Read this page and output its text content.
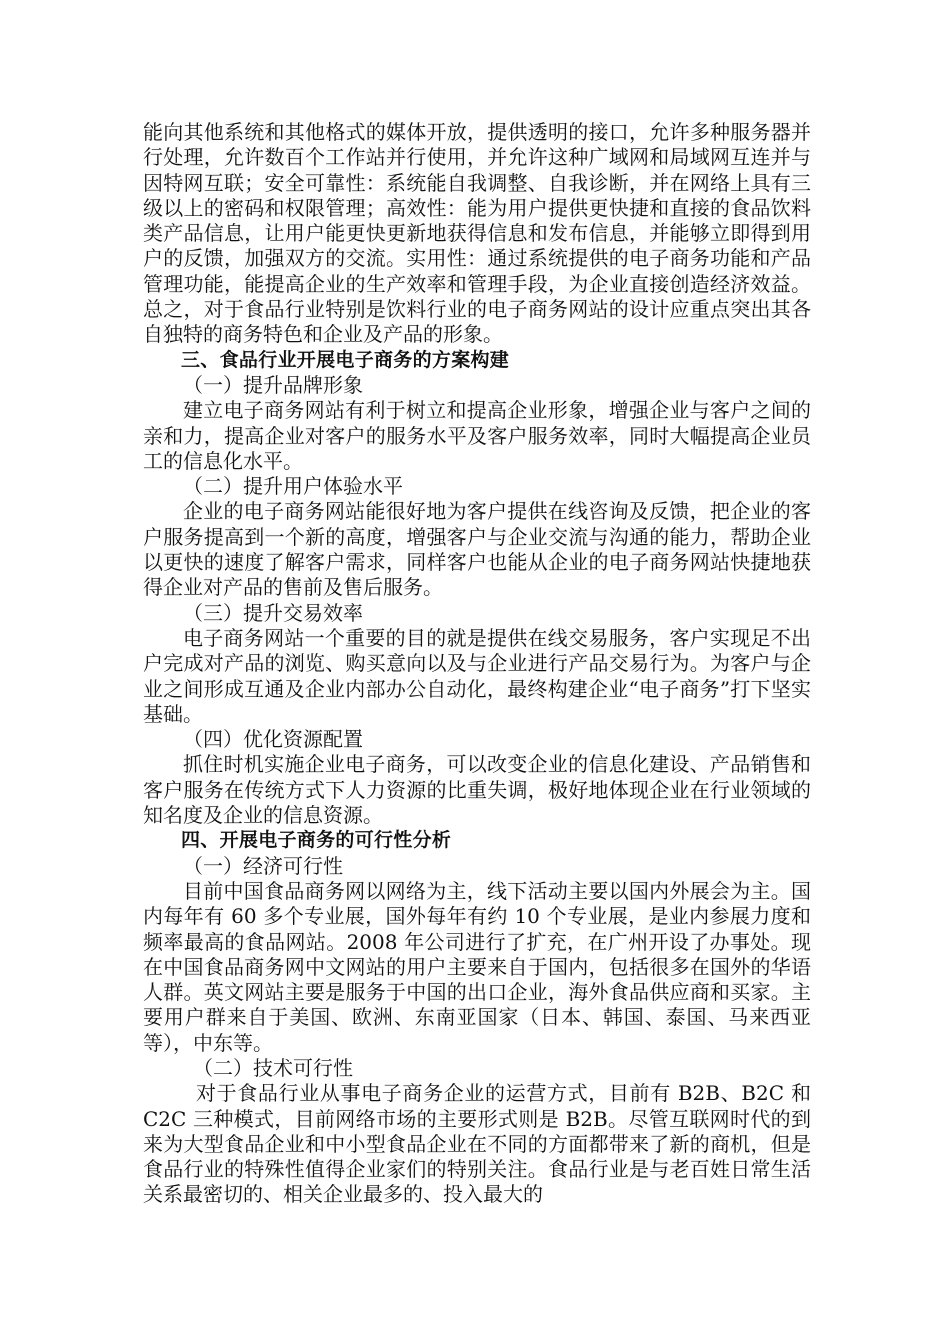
能向其他系统和其他格式的媒体开放，提供透明的接口，允许多种服务器并行处理，允许数百个工作站并行使用，并允许这种广域网和局域网互连并与因特网互联；安全可靠性：系统能自我调整、自我诊断，并在网络上具有三级以上的密码和权限管理；高效性：能为用户提供更快捷和直接的食品饮料类产品信息，让用户能更快更新地获得信息和发布信息，并能够立即得到用户的反馈，加强双方的交流。实用性：通过系统提供的电子商务功能和产品管理功能，能提高企业的生产效率和管理手段，为企业直接创造经济效益。总之，对于食品行业特别是饮料行业的电子商务网站的设计应重点突出其各自独特的商务特色和企业及产品的形象。

三、食品行业开展电子商务的方案构建

（一）提升品牌形象

建立电子商务网站有利于树立和提高企业形象，增强企业与客户之间的亲和力，提高企业对客户的服务水平及客户服务效率，同时大幅提高企业员工的信息化水平。

（二）提升用户体验水平

企业的电子商务网站能很好地为客户提供在线咨询及反馈，把企业的客户服务提高到一个新的高度，增强客户与企业交流与沟通的能力，帮助企业以更快的速度了解客户需求，同样客户也能从企业的电子商务网站快捷地获得企业对产品的售前及售后服务。

（三）提升交易效率

电子商务网站一个重要的目的就是提供在线交易服务，客户实现足不出户完成对产品的浏览、购买意向以及与企业进行产品交易行为。为客户与企业之间形成互通及企业内部办公自动化，最终构建企业“电子商务”打下坚实基础。

（四）优化资源配置

抓住时机实施企业电子商务，可以改变企业的信息化建设、产品销售和客户服务在传统方式下人力资源的比重失调，极好地体现企业在行业领域的知名度及企业的信息资源。

四、开展电子商务的可行性分析

（一）经济可行性

目前中国食品商务网以网络为主，线下活动主要以国内外展会为主。国内每年有 60 多个专业展，国外每年有约 10 个专业展，是业内参展力度和频率最高的食品网站。2008 年公司进行了扩充，在广州开设了办事处。现在中国食品商务网中文网站的用户主要来自于国内，包括很多在国外的华语人群。英文网站主要是服务于中国的出口企业，海外食品供应商和买家。主要用户群来自于美国、欧洲、东南亚国家（日本、韩国、泰国、马来西亚等），中东等。

（二）技术可行性

对于食品行业从事电子商务企业的运营方式，目前有 B2B、B2C 和 C2C 三种模式，目前网络市场的主要形式则是 B2B。尽管互联网时代的到来为大型食品企业和中小型食品企业在不同的方面都带来了新的商机，但是食品行业的特殊性值得企业家们的特别关注。食品行业是与老百姓日常生活关系最密切的、相关企业最多的、投入最大的
